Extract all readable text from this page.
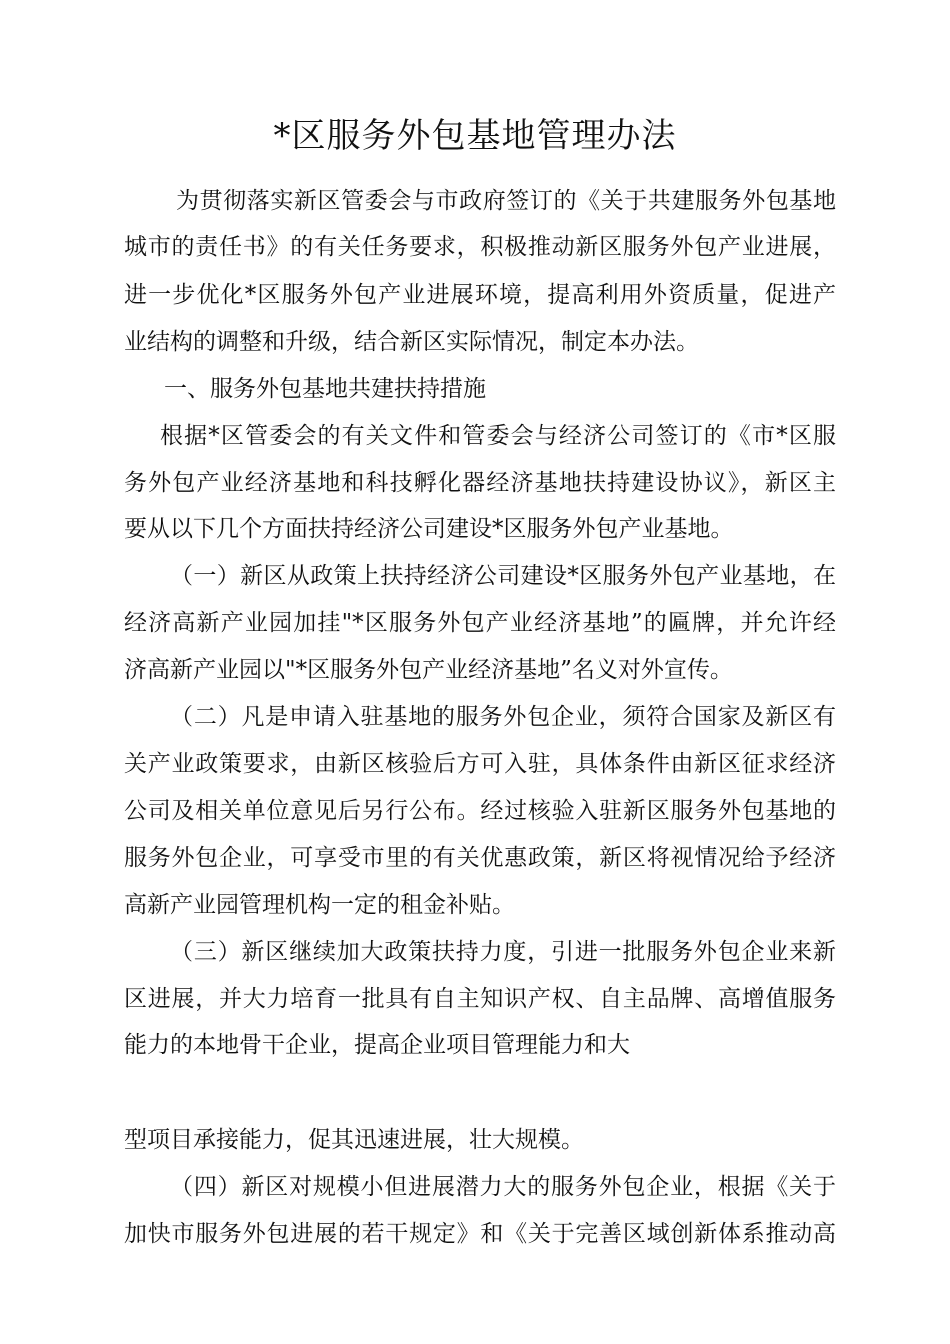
*区服务外包基地管理办法

为贯彻落实新区管委会与市政府签订的《关于共建服务外包基地

城市的责任书》的有关任务要求，积极推动新区服务外包产业进展，

进一步优化*区服务外包产业进展环境，提高利用外资质量，促进产

业结构的调整和升级，结合新区实际情况，制定本办法。

一、服务外包基地共建扶持措施

根据*区管委会的有关文件和管委会与经济公司签订的《市*区服

务外包产业经济基地和科技孵化器经济基地扶持建设协议》，新区主

要从以下几个方面扶持经济公司建设*区服务外包产业基地。

（一）新区从政策上扶持经济公司建设*区服务外包产业基地，在

经济高新产业园加挂"*区服务外包产业经济基地”的匾牌，并允许经

济高新产业园以"*区服务外包产业经济基地”名义对外宣传。

（二）凡是申请入驻基地的服务外包企业，须符合国家及新区有

关产业政策要求，由新区核验后方可入驻，具体条件由新区征求经济

公司及相关单位意见后另行公布。经过核验入驻新区服务外包基地的

服务外包企业，可享受市里的有关优惠政策，新区将视情况给予经济

高新产业园管理机构一定的租金补贴。

（三）新区继续加大政策扶持力度，引进一批服务外包企业来新

区进展，并大力培育一批具有自主知识产权、自主品牌、高增值服务

能力的本地骨干企业，提高企业项目管理能力和大

型项目承接能力，促其迅速进展，壮大规模。

（四）新区对规模小但进展潜力大的服务外包企业，根据《关于

加快市服务外包进展的若干规定》和《关于完善区域创新体系推动高
